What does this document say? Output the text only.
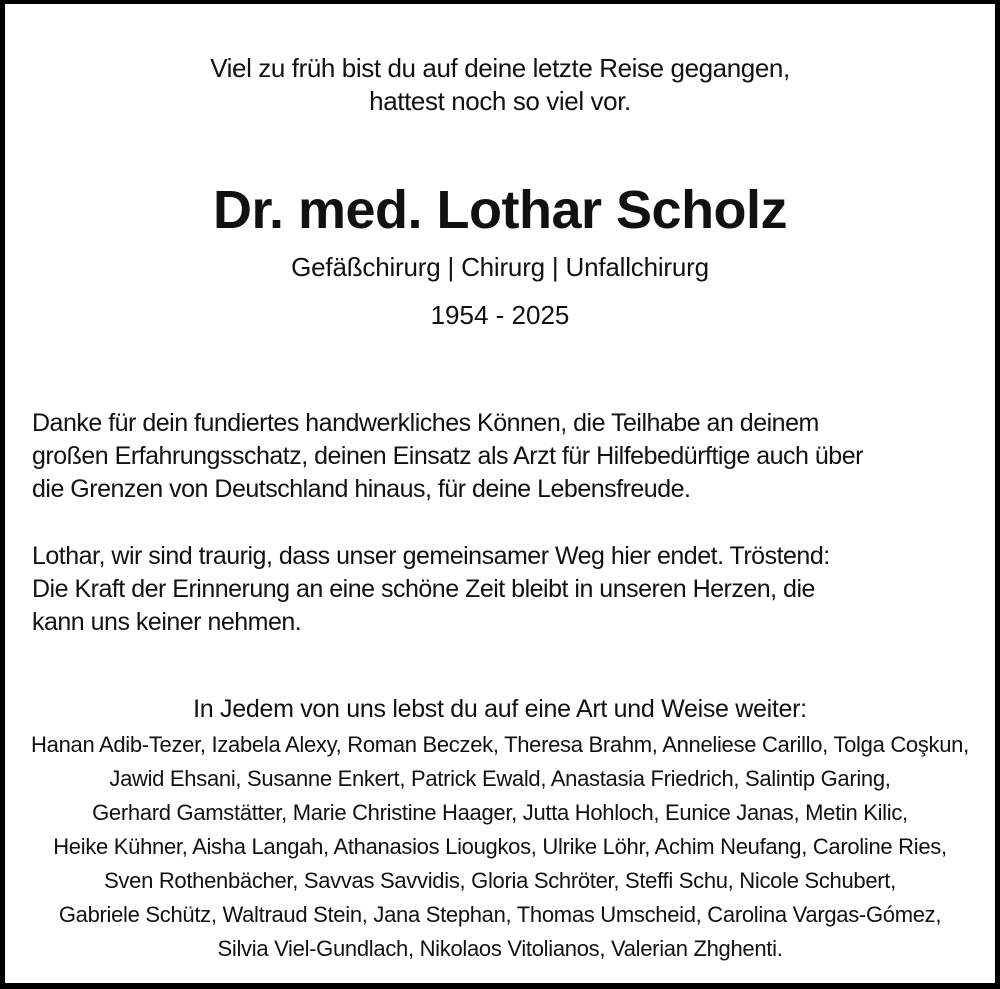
Viel zu früh bist du auf deine letzte Reise gegangen,
hattest noch so viel vor.
Dr. med. Lothar Scholz
Gefäßchirurg | Chirurg | Unfallchirurg
1954 - 2025
Danke für dein fundiertes handwerkliches Können, die Teilhabe an deinem
großen Erfahrungsschatz, deinen Einsatz als Arzt für Hilfebedürftige auch über
die Grenzen von Deutschland hinaus, für deine Lebensfreude.
Lothar, wir sind traurig, dass unser gemeinsamer Weg hier endet. Tröstend:
Die Kraft der Erinnerung an eine schöne Zeit bleibt in unseren Herzen, die
kann uns keiner nehmen.
In Jedem von uns lebst du auf eine Art und Weise weiter:
Hanan Adib-Tezer, Izabela Alexy, Roman Beczek, Theresa Brahm, Anneliese Carillo, Tolga Coşkun,
Jawid Ehsani, Susanne Enkert, Patrick Ewald, Anastasia Friedrich, Salintip Garing,
Gerhard Gamstätter, Marie Christine Haager, Jutta Hohloch, Eunice Janas, Metin Kilic,
Heike Kühner, Aisha Langah, Athanasios Liougkos, Ulrike Löhr, Achim Neufang, Caroline Ries,
Sven Rothenbächer, Savvas Savvidis, Gloria Schröter, Steffi Schu, Nicole Schubert,
Gabriele Schütz, Waltraud Stein, Jana Stephan, Thomas Umscheid, Carolina Vargas-Gómez,
Silvia Viel-Gundlach, Nikolaos Vitolianos, Valerian Zhghenti.
